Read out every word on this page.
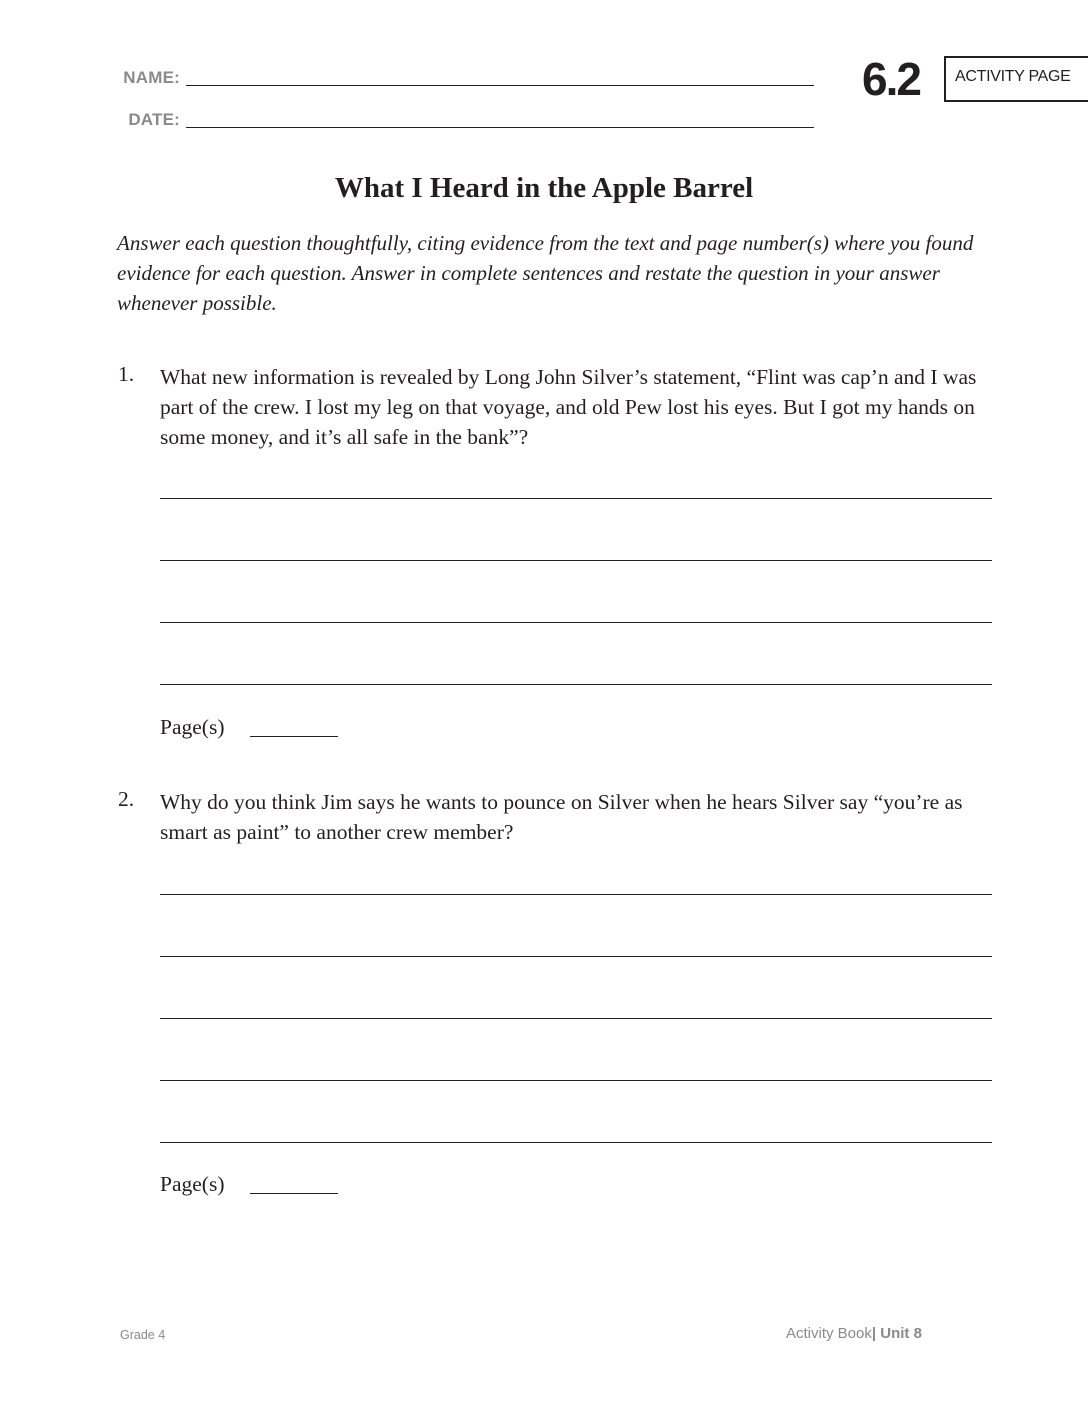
NAME:
DATE:
6.2	ACTIVITY PAGE
What I Heard in the Apple Barrel
Answer each question thoughtfully, citing evidence from the text and page number(s) where you found evidence for each question. Answer in complete sentences and restate the question in your answer whenever possible.
1. What new information is revealed by Long John Silver’s statement, “Flint was cap’n and I was part of the crew. I lost my leg on that voyage, and old Pew lost his eyes. But I got my hands on some money, and it’s all safe in the bank”?
Page(s)
2. Why do you think Jim says he wants to pounce on Silver when he hears Silver say “you’re as smart as paint” to another crew member?
Page(s)
Grade 4	Activity Book| Unit 8
